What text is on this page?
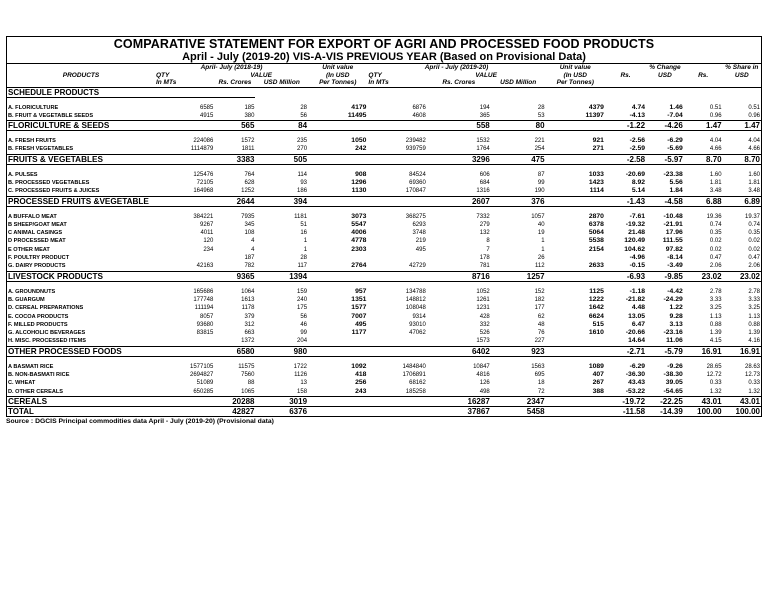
COMPARATIVE STATEMENT FOR EXPORT OF AGRI AND PROCESSED FOOD PRODUCTS
April - July (2019-20) VIS-A-VIS PREVIOUS YEAR (Based on Provisional Data)
	April- July (2018-19)			Unit value	April - July (2019-20)			Unit value		% Change		% Share in
PRODUCTS	QTY	VALUE		(In USD	QTY	VALUE		(In USD	Rs.	USD	Rs.	USD
	In MTs	Rs. Crores	USD Million	Per Tonnes)	In MTs	Rs. Crores	USD Million	Per Tonnes)				
SCHEDULE PRODUCTS												

A. FLORICULTURE	6585	185	28	4179	6876	194	28	4379	4.74	1.46	0.51	0.51
B. FRUIT & VEGETABLE SEEDS	4915	380	56	11495	4608	365	53	11397	-4.13	-7.04	0.96	0.96
FLORICULTURE & SEEDS		565	84			558	80		-1.22	-4.26	1.47	1.47

A. FRESH FRUITS	224086	1572	235	1050	239482	1532	221	921	-2.56	-6.29	4.04	4.04
B. FRESH VEGETABLES	1114879	1811	270	242	939759	1764	254	271	-2.59	-5.69	4.66	4.66
FRUITS & VEGETABLES		3383	505			3296	475		-2.58	-5.97	8.70	8.70

A. PULSES	125476	764	114	908	84524	606	87	1033	-20.69	-23.38	1.60	1.60
B. PROCESSED VEGETABLES	72105	628	93	1296	69360	684	99	1423	8.92	5.56	1.81	1.81
C. PROCESSED FRUITS & JUICES	164968	1252	186	1130	170847	1316	190	1114	5.14	1.84	3.48	3.48
PROCESSED FRUITS &VEGETABLE		2644	394			2607	376		-1.43	-4.58	6.88	6.89

A BUFFALO MEAT	384221	7935	1181	3073	368275	7332	1057	2870	-7.61	-10.48	19.36	19.37
B SHEEP/GOAT MEAT	9267	345	51	5547	6293	279	40	6378	-19.32	-21.91	0.74	0.74
C ANIMAL CASINGS	4011	108	16	4006	3748	132	19	5064	21.48	17.96	0.35	0.35
D PROCESSED MEAT	120	4	1	4778	219	8	1	5538	120.49	111.55	0.02	0.02
E OTHER MEAT	234	4	1	2303	495	7	1	2154	104.62	97.82	0.02	0.02
F. POULTRY PRODUCT		187	28			178	26		-4.96	-8.14	0.47	0.47
G. DAIRY PRODUCTS	42163	782	117	2764	42729	781	112	2633	-0.15	-3.49	2.06	2.06
LIVESTOCK PRODUCTS		9365	1394			8716	1257		-6.93	-9.85	23.02	23.02

A. GROUNDNUTS	165686	1064	159	957	134788	1052	152	1125	-1.18	-4.42	2.78	2.78
B. GUARGUM	177748	1613	240	1351	148812	1261	182	1222	-21.82	-24.29	3.33	3.33
D. CEREAL PREPARATIONS	111194	1178	175	1577	108048	1231	177	1642	4.48	1.22	3.25	3.25
E. COCOA PRODUCTS	8057	379	56	7007	9314	428	62	6624	13.05	9.28	1.13	1.13
F. MILLED PRODUCTS	93680	312	46	495	93010	332	48	515	6.47	3.13	0.88	0.88
G. ALCOHOLIC BEVERAGES	83815	663	99	1177	47062	526	76	1610	-20.66	-23.16	1.39	1.39
H. MISC. PROCESSED ITEMS		1372	204			1573	227		14.64	11.06	4.15	4.16
OTHER PROCESSED FOODS		6580	980			6402	923		-2.71	-5.79	16.91	16.91

A BASMATI RICE	1577105	11575	1722	1092	1484840	10847	1563	1089	-6.29	-9.26	28.65	28.63
B. NON-BASMATI RICE	2694827	7560	1126	418	1706891	4816	695	407	-36.30	-38.30	12.72	12.73
C. WHEAT	51089	88	13	256	68162	126	18	267	43.43	39.05	0.33	0.33
D. OTHER CEREALS	650285	1065	158	243	185258	498	72	388	-53.22	-54.65	1.32	1.32
CEREALS		20288	3019			16287	2347		-19.72	-22.25	43.01	43.01
TOTAL		42827	6376			37867	5458		-11.58	-14.39	100.00	100.00
Source : DGCIS Principal commodities data April - July (2019-20) (Provisional data)
